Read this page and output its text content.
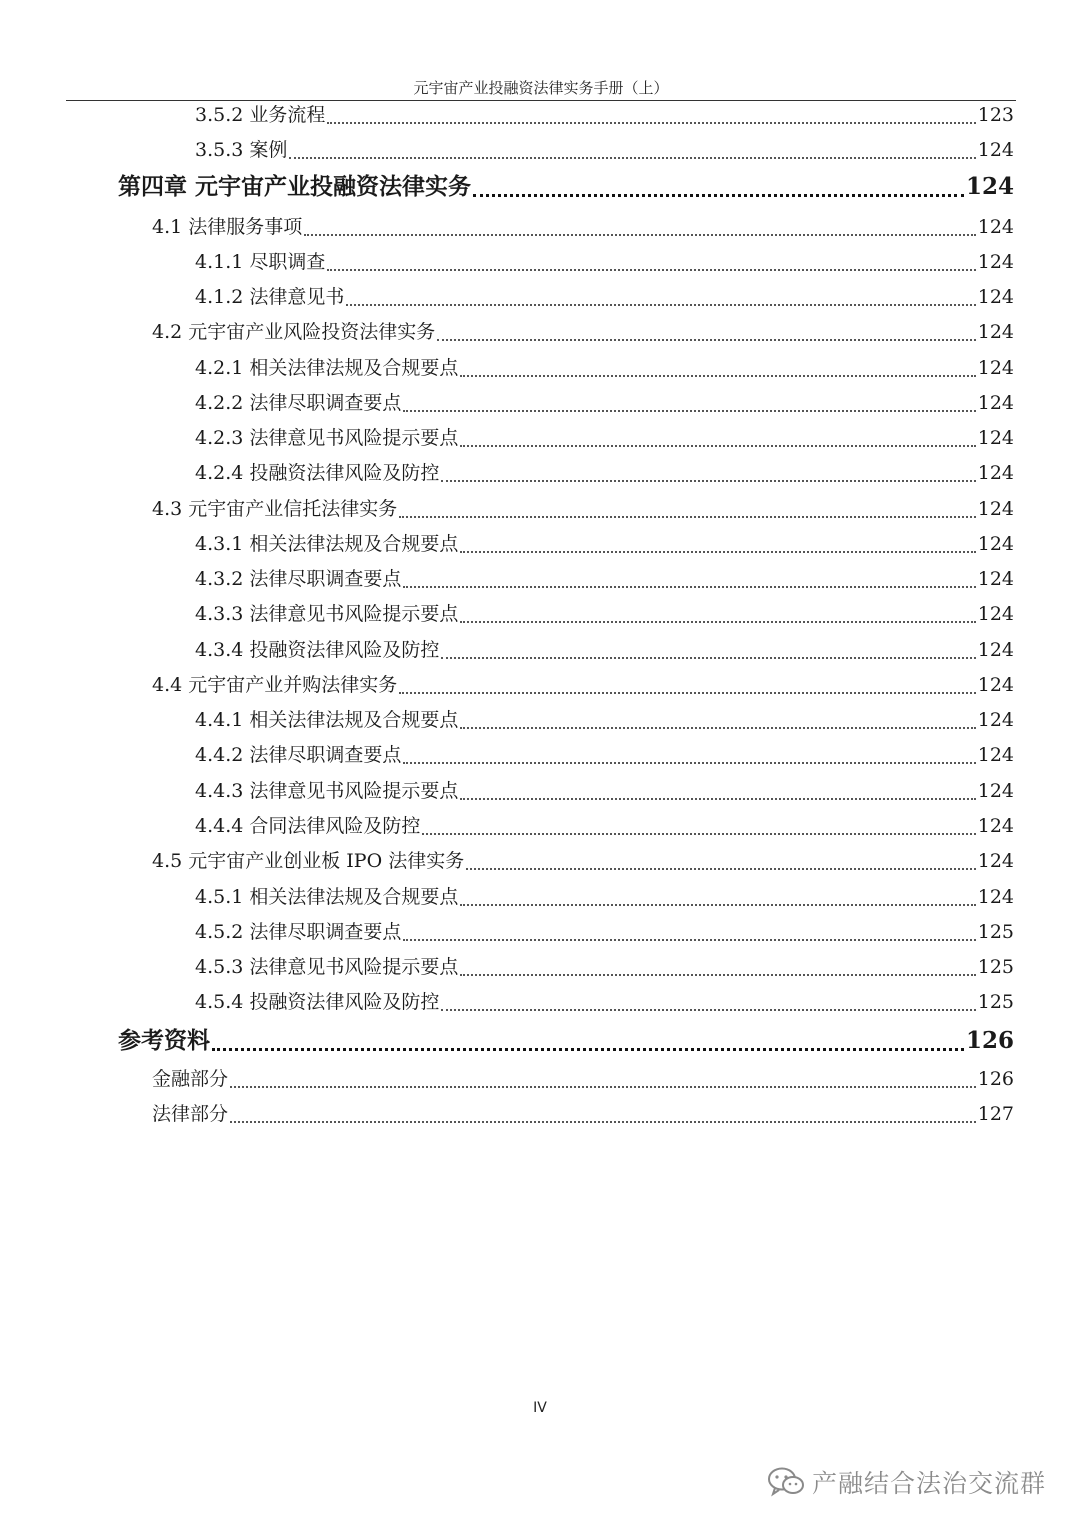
元宇宙产业投融资法律实务手册（上）
3.5.2 业务流程	123
3.5.3 案例	124
第四章 元宇宙产业投融资法律实务	124
4.1 法律服务事项	124
4.1.1 尽职调查	124
4.1.2 法律意见书	124
4.2 元宇宙产业风险投资法律实务	124
4.2.1 相关法律法规及合规要点	124
4.2.2 法律尽职调查要点	124
4.2.3 法律意见书风险提示要点	124
4.2.4 投融资法律风险及防控	124
4.3 元宇宙产业信托法律实务	124
4.3.1 相关法律法规及合规要点	124
4.3.2 法律尽职调查要点	124
4.3.3 法律意见书风险提示要点	124
4.3.4 投融资法律风险及防控	124
4.4 元宇宙产业并购法律实务	124
4.4.1 相关法律法规及合规要点	124
4.4.2 法律尽职调查要点	124
4.4.3 法律意见书风险提示要点	124
4.4.4 合同法律风险及防控	124
4.5 元宇宙产业创业板 IPO 法律实务	124
4.5.1 相关法律法规及合规要点	124
4.5.2 法律尽职调查要点	125
4.5.3 法律意见书风险提示要点	125
4.5.4 投融资法律风险及防控	125
参考资料	126
金融部分	126
法律部分	127
IV
产融结合法治交流群
